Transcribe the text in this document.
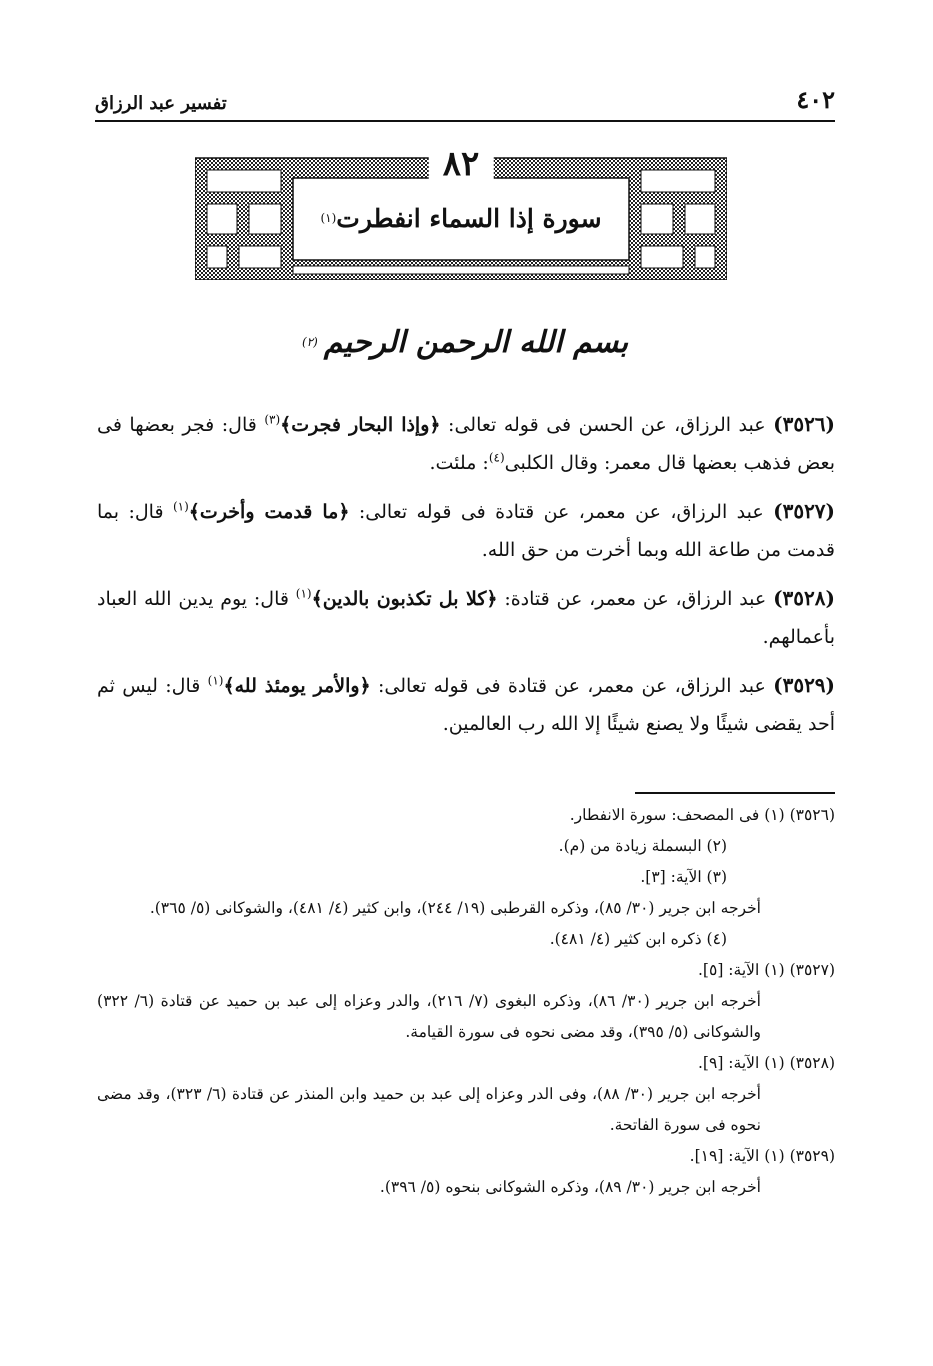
٤٠٢
تفسير عبد الرزاق
٨٢
سورة إذا السماء انفطرت
(١)
بسم الله الرحمن الرحيم
(٢)

(٣٥٢٦) عبد الرزاق، عن الحسن فى قوله تعالى: ﴿وإذا البحار فجرت﴾$^{(٣)}$ قال: فجر بعضها فى بعض فذهب بعضها قال معمر: وقال الكلبى$^{(٤)}$: ملئت.

(٣٥٢٧) عبد الرزاق، عن معمر، عن قتادة فى قوله تعالى: ﴿ما قدمت وأخرت﴾$^{(١)}$ قال: بما قدمت من طاعة الله وبما أخرت من حق الله.

(٣٥٢٨) عبد الرزاق، عن معمر، عن قتادة: ﴿كلا بل تكذبون بالدين﴾$^{(١)}$ قال: يوم يدين الله العباد بأعمالهم.

(٣٥٢٩) عبد الرزاق، عن معمر، عن قتادة فى قوله تعالى: ﴿والأمر يومئذ لله﴾$^{(١)}$ قال: ليس ثم أحد يقضى شيئًا ولا يصنع شيئًا إلا الله رب العالمين.

(٣٥٢٦) (١) فى المصحف: سورة الانفطار.

(٢) البسملة زيادة من (م).

(٣) الآية: [٣].

أخرجه ابن جرير (٣٠/ ٨٥)، وذكره القرطبى (١٩/ ٢٤٤)، وابن كثير (٤/ ٤٨١)، والشوكانى (٥/ ٣٦٥).

(٤) ذكره ابن كثير (٤/ ٤٨١).

(٣٥٢٧) (١) الآية: [٥].

أخرجه ابن جرير (٣٠/ ٨٦)، وذكره البغوى (٧/ ٢١٦)، والدر وعزاه إلى عبد بن حميد عن قتادة (٦/ ٣٢٢) والشوكانى (٥/ ٣٩٥)، وقد مضى نحوه فى سورة القيامة.

(٣٥٢٨) (١) الآية: [٩].

أخرجه ابن جرير (٣٠/ ٨٨)، وفى الدر وعزاه إلى عبد بن حميد وابن المنذر عن قتادة (٦/ ٣٢٣)، وقد مضى نحوه فى سورة الفاتحة.

(٣٥٢٩) (١) الآية: [١٩].

أخرجه ابن جرير (٣٠/ ٨٩)، وذكره الشوكانى بنحوه (٥/ ٣٩٦).
